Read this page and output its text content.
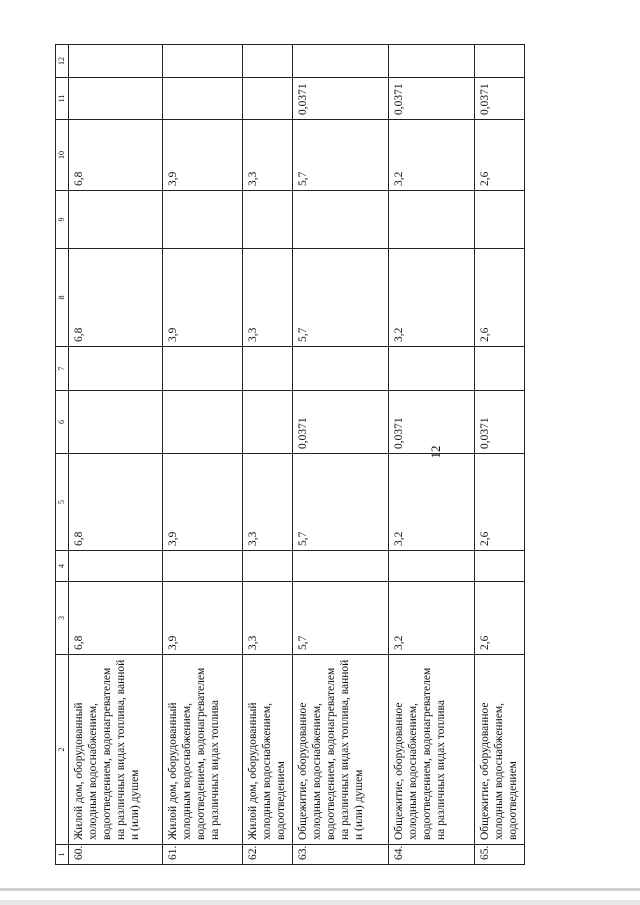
12
1	2	3	4	5	6	7	8	9	10	11	12
60.	Жилой дом, оборудованный холодным водоснабжением, водоотведением, водонагревателем на различных видах топлива, ванной и (или) душем	6,8		6,8			6,8		6,8		
61.	Жилой дом, оборудованный холодным водоснабжением, водоотведением, водонагревателем на различных видах топлива	3,9		3,9			3,9		3,9		
62.	Жилой дом, оборудованный холодным водоснабжением, водоотведением	3,3		3,3			3,3		3,3		
63.	Общежитие, оборудованное холодным водоснабжением, водоотведением, водонагревателем на различных видах топлива, ванной и (или) душем	5,7		5,7	0,0371		5,7		5,7	0,0371	
64.	Общежитие, оборудованное холодным водоснабжением, водоотведением, водонагревателем на различных видах топлива	3,2		3,2	0,0371		3,2		3,2	0,0371	
65.	Общежитие, оборудованное холодным водоснабжением, водоотведением	2,6		2,6	0,0371		2,6		2,6	0,0371	
